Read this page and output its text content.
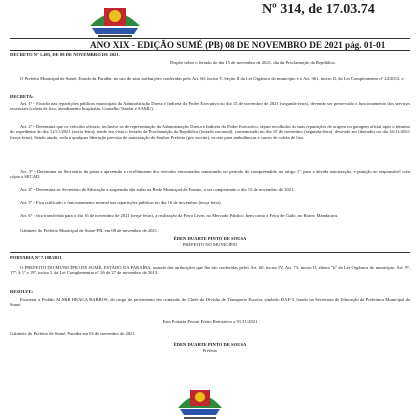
Nº 314, de 17.03.74
ANO XIX - EDIÇÃO SUMÉ (PB) 08 DE NOVEMBRO DE 2021 pág. 01-01

DECRETO Nº 1.403, DE 08 DE NOVEMBRO DE 2021.

Dispõe sobre o feriado do dia 15 de novembro de 2021, dia da Proclamação da República.

O Prefeito Municipal de Sumé, Estado da Paraíba, no uso de suas atribuições conferidas pelo Art. 60, inciso V, Seção II da Lei Orgânica do município e o Art. 361, inciso II, da Lei Complementar nº 24/2013, e

DECRETA:

Art. 1º - Ficarão nas repartições públicas municipais da Administração Direta e Indireta do Poder Executivo no dia 15 de novembro de 2021 (segunda-feira), devendo ser preservado o funcionamento dos serviços essenciais (coleta de lixo, atendimento hospitalar, Conselho Tutelar e SAMU).

Art. 2º - Determina que os veículos oficiais, inclusive os de representação da Administração Direta e Indireta do Poder Executivo, sejam recolhidos às suas repartições de origem ou garagem oficial após o término do expediente do dia 12/11/2021 (sexta-feira), tendo em vista o feriado da Proclamação da República (feriado nacional), comemorado no dia 15 de novembro (segunda-feira), devendo ser liberados no dia 16/11/2021 (terça-feira). Sendo ainda, veda a qualquer liberação prevista de autorização do Senhor Prefeito (por escrito), exceto para ambulâncias e carros de coleta de lixo.

Art. 3º - Determina ao Secretário da pasta a apreensão e recolhimento dos veículos encontrados transitando no período do compreendido no artigo 1º, para a devida autorização, e punição ao responsável com cópia a SECAD.

Art. 4º - Determina ao Secretário de Educação a suspensão das aulas na Rede Municipal de Ensino, a ser compensado o dia 15 de novembro de 2021.

Art. 5º - Fica ratificado o funcionamento normal nas repartições públicas no dia 16 de novembro (terça-feira).

Art. 6º - fica transferida para o dia 16 de novembro de 2021 (terça-feira), a realização da Feira Livre, no Mercado Público, bem como a Feira de Gado, no Bairro Mandacaru.

Gabinete do Prefeito Municipal de Sumé-PB, em 08 de novembro de 2021.

ÉDEN DUARTE PINTO DE SOUSA

PREFEITO DO MUNICÍPIO

PORTARIA Nº 7.188/2021

O PREFEITO DO MUNICÍPIO DE SUMÉ, ESTADO DA PARAÍBA, usando das atribuições que lhe são conferidas pelos Art. 60, inciso IV, Art. 73, inciso II, alínea "k" da Lei Orgânica do município, Art. 9º, 17º, § 1º e 19º, inciso I, da Lei Complementar nº 26 de 27 de novembro de 2013,

RESOLVE:

Exonerar a Pedido ALMIR BRAGA BARROS, do cargo de provimento em comissão de Chefe da Divisão de Transporte Escolar, símbolo DAF-3, lotado na Secretaria de Educação da Prefeitura Municipal de Sumé.

Esta Portaria Possui Efeito Retroativo a 01/11/2021

Gabinete do Prefeito de Sumé, Paraíba em 03 de novembro de 2021

ÉDEN DUARTE PINTO DE SOUSA

Prefeito
